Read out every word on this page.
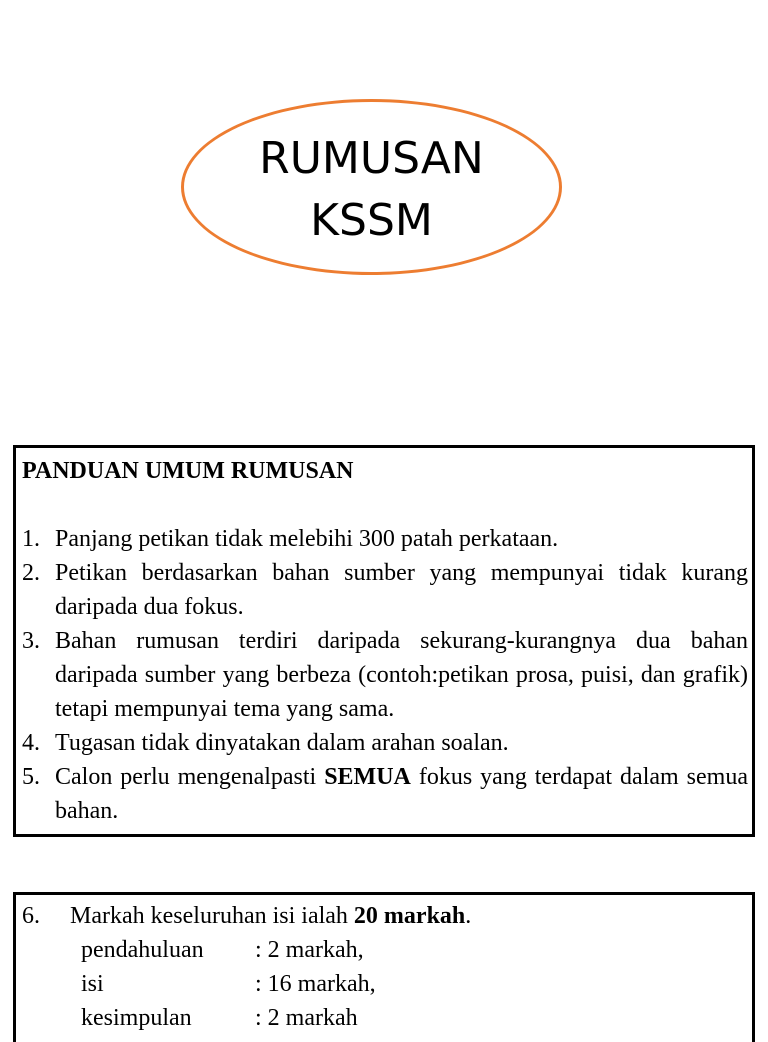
RUMUSAN
KSSM
PANDUAN UMUM RUMUSAN
1. Panjang petikan tidak melebihi 300 patah perkataan.
2. Petikan berdasarkan bahan sumber yang mempunyai tidak kurang daripada dua fokus.
3. Bahan rumusan terdiri daripada sekurang-kurangnya dua bahan daripada sumber yang berbeza (contoh:petikan prosa, puisi, dan grafik) tetapi mempunyai tema yang sama.
4. Tugasan tidak dinyatakan dalam arahan soalan.
5. Calon perlu mengenalpasti SEMUA fokus yang terdapat dalam semua bahan.
6. Markah keseluruhan isi ialah 20 markah.
pendahuluan	: 2 markah,
isi	: 16 markah,
kesimpulan	: 2 markah
